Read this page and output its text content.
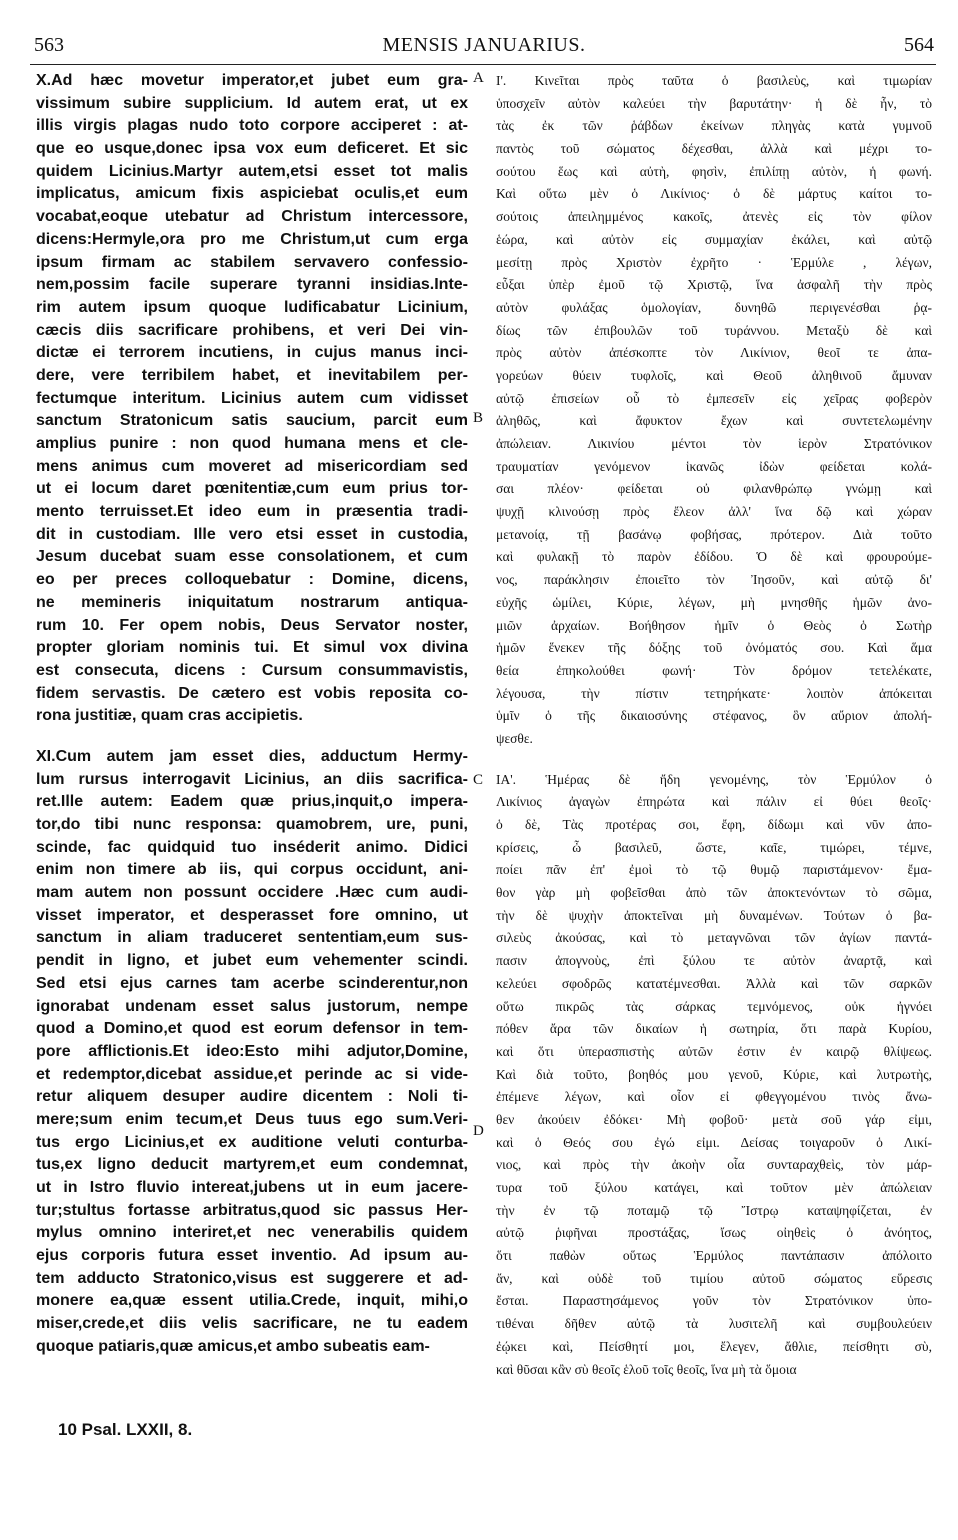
563	MENSIS JANUARIUS.	564
X.Ad hæc movetur imperator,et jubet eum gra-
vissimum subire supplicium. Id autem erat, ut ex
illis virgis plagas nudo toto corpore acciperet : at-
que eo usque,donec ipsa vox eum deficeret. Et sic
quidem Licinius.Martyr autem,etsi esset tot malis
implicatus, amicum fixis aspiciebat oculis,et eum
vocabat,eoque utebatur ad Christum intercessore,
dicens:Hermyle,ora pro me Christum,ut cum erga
ipsum firmam ac stabilem servavero confessio-
nem,possim facile superare tyranni insidias.Inte-
rim autem ipsum quoque ludificabatur Licinium,
cæcis diis sacrificare prohibens, et veri Dei vin-
dictæ ei terrorem incutiens, in cujus manus inci-
dere, vere terribilem habet, et inevitabilem per-
fectumque interitum. Licinius autem cum vidisset
sanctum Stratonicum satis saucium, parcit eum
amplius punire : non quod humana mens et cle-
mens animus cum moveret ad misericordiam sed
ut ei locum daret pœnitentiæ,cum eum prius tor-
mento terruisset.Et ideo eum in præsentia tradi-
dit in custodiam. Ille vero etsi esset in custodia,
Jesum ducebat suam esse consolationem, et cum
eo per preces colloquebatur : Domine, dicens,
ne memineris iniquitatum nostrarum antiqua-
rum 10. Fer opem nobis, Deus Servator noster,
propter gloriam nominis tui. Et simul vox divina
est consecuta, dicens : Cursum consummavistis,
fidem servastis. De cætero est vobis reposita co-
rona justitiæ, quam cras accipietis.
XI.Cum autem jam esset dies, adductum Hermy-
lum rursus interrogavit Licinius, an diis sacrifica-
ret.Ille autem: Eadem quæ prius,inquit,o impera-
tor,do tibi nunc responsa: quamobrem, ure, puni,
scinde, fac quidquid tuo inséderit animo. Didici
enim non timere ab iis, qui corpus occidunt, ani-
mam autem non possunt occidere .Hæc cum audi-
visset imperator, et desperasset fore omnino, ut
sanctum in aliam traduceret sententiam,eum sus-
pendit in ligno, et jubet eum vehementer scindi.
Sed etsi ejus carnes tam acerbe scinderentur,non
ignorabat undenam esset salus justorum, nempe
quod a Domino,et quod est eorum defensor in tem-
pore afflictionis.Et ideo:Esto mihi adjutor,Domine,
et redemptor,dicebat assidue,et perinde ac si vide-
retur aliquem desuper audire dicentem : Noli ti-
mere;sum enim tecum,et Deus tuus ego sum.Veri-
tus ergo Licinius,et ex auditione veluti conturba-
tus,ex ligno deducit martyrem,et eum condemnat,
ut in Istro fluvio intereat,jubens ut in eum jacere-
tur;stultus fortasse arbitratus,quod sic passus Her-
mylus omnino interiret,et nec venerabilis quidem
ejus corporis futura esset inventio. Ad ipsum au-
tem adducto Stratonico,visus est suggerere et ad-
monere ea,quæ essent utilia.Crede, inquit, mihi,o
miser,crede,et diis velis sacrificare, ne tu eadem
quoque patiaris,quæ amicus,et ambo subeatis eam-
Ι'. Κινεῖται πρὸς ταῦτα ὁ βασιλεὺς, καὶ τιμωρίαν
ὑποσχεῖν αὐτὸν καλεύει τὴν βαρυτάτην· ἡ δὲ ἦν, τὸ
τὰς ἐκ τῶν ῥάβδων ἐκείνων πληγὰς κατὰ γυμνοῦ
παντὸς τοῦ σώματος δέχεσθαι, ἀλλὰ καὶ μέχρι το-
σούτου ἕως καὶ αὐτὴ, φησὶν, ἐπιλίπῃ αὐτὸν, ἡ φωνή.
Καὶ οὕτω μὲν ὁ Λικίνιος· ὁ δὲ μάρτυς καίτοι το-
σούτοις ἀπειλημμένος κακοῖς, ἀτενὲς εἰς τὸν φίλον
ἑώρα, καὶ αὐτὸν εἰς συμμαχίαν ἐκάλει, καὶ αὐτῷ
μεσίτῃ πρὸς Χριστὸν ἐχρῆτο · Ἑρμύλε , λέγων,
εὖξαι ὑπὲρ ἐμοῦ τῷ Χριστῷ, ἵνα ἀσφαλῆ τὴν πρὸς
αὐτὸν φυλάξας ὁμολογίαν, δυνηθῶ περιγενέσθαι ῥᾳ-
δίως τῶν ἐπιβουλῶν τοῦ τυράννου. Μεταξὺ δὲ καὶ
πρὸς αὐτὸν ἀπέσκοπτε τὸν Λικίνιον, θεοῖ τε ἀπα-
γορεύων θύειν τυφλοῖς, καὶ Θεοῦ ἀληθινοῦ ἄμυναν
αὐτῷ ἐπισείων οὗ τὸ ἐμπεσεῖν εἰς χεῖρας φοβερὸν
ἀληθῶς, καὶ ἄφυκτον ἔχων καὶ συντετελωμένην
ἀπώλειαν. Λικινίου μέντοι τὸν ἱερὸν Στρατόνικον
τραυματίαν γενόμενον ἱκανῶς ἰδὼν φείδεται κολά-
σαι πλέον· φείδεται οὐ φιλανθρώπῳ γνώμῃ καὶ
ψυχῇ κλινούσῃ πρὸς ἔλεον ἀλλ' ἵνα δῷ καὶ χώραν
μετανοίᾳ, τῇ βασάνῳ φοβήσας, πρότερον. Διὰ τοῦτο
καὶ φυλακῇ τὸ παρὸν ἐδίδου. Ὁ δὲ καὶ φρουρούμε-
νος, παράκλησιν ἐποιεῖτο τὸν Ἰησοῦν, καὶ αὐτῷ δι'
εὐχῆς ὡμίλει, Κύριε, λέγων, μὴ μνησθῆς ἡμῶν ἀνο-
μιῶν ἀρχαίων. Βοήθησον ἡμῖν ὁ Θεὸς ὁ Σωτὴρ
ἡμῶν ἕνεκεν τῆς δόξης τοῦ ὀνόματός σου. Καὶ ἅμα
θεία ἐπηκολούθει φωνή· Τὸν δρόμον τετελέκατε,
λέγουσα, τὴν πίστιν τετηρήκατε· λοιπὸν ἀπόκειται
ὑμῖν ὁ τῆς δικαιοσύνης στέφανος, ὃν αὔριον ἀπολή-
ψεσθε.
ΙΑ'. Ἡμέρας δὲ ἤδη γενομένης, τὸν Ἑρμύλον ὁ
Λικίνιος ἀγαγὼν ἐπηρώτα καὶ πάλιν εἰ θύει θεοῖς·
ὁ δὲ, Τὰς προτέρας σοι, ἔφη, δίδωμι καὶ νῦν ἀπο-
κρίσεις, ὦ βασιλεῦ, ὥστε, καῖε, τιμώρει, τέμνε,
ποίει πᾶν ἐπ' ἐμοὶ τὸ τῷ θυμῷ παριστάμενον· ἔμα-
θον γὰρ μὴ φοβεῖσθαι ἀπὸ τῶν ἀποκτενόντων τὸ σῶμα,
τὴν δὲ ψυχὴν ἀποκτεῖναι μὴ δυναμένων. Τούτων ὁ βα-
σιλεὺς ἀκούσας, καὶ τὸ μεταγνῶναι τῶν ἁγίων παντά-
πασιν ἀπογνοὺς, ἐπὶ ξύλου τε αὐτὸν ἀναρτᾷ, καὶ
κελεύει σφοδρῶς κατατέμνεσθαι. Ἀλλὰ καὶ τῶν σαρκῶν
οὕτω πικρῶς τὰς σάρκας τεμνόμενος, οὐκ ἠγνόει
πόθεν ἄρα τῶν δικαίων ἡ σωτηρία, ὅτι παρὰ Κυρίου,
καὶ ὅτι ὑπερασπιστὴς αὐτῶν ἐστιν ἐν καιρῷ θλίψεως.
Καὶ διὰ τοῦτο, βοηθός μου γενοῦ, Κύριε, καὶ λυτρωτὴς,
ἐπέμενε λέγων, καὶ οἷον εἰ φθεγγομένου τινὸς ἄνω-
θεν ἀκούειν ἐδόκει· Μὴ φοβοῦ· μετὰ σοῦ γάρ εἰμι,
καὶ ὁ Θεός σου ἐγώ εἰμι. Δείσας τοιγαροῦν ὁ Λικί-
νιος, καὶ πρὸς τὴν ἀκοὴν οἷα συνταραχθεὶς, τὸν μάρ-
τυρα τοῦ ξύλου κατάγει, καὶ τοῦτον μὲν ἀπώλειαν
τὴν ἐν τῷ ποταμῷ τῷ Ἴστρῳ καταψηφίζεται, ἐν
αὐτῷ ῥιφῆναι προστάξας, ἴσως οἰηθεὶς ὁ ἀνόητος,
ὅτι παθὼν οὕτως Ἑρμύλος παντάπασιν ἀπόλοιτο
ἄν, καὶ οὐδὲ τοῦ τιμίου αὐτοῦ σώματος εὕρεσις
ἔσται. Παραστησάμενος γοῦν τὸν Στρατόνικον ὑπο-
τιθέναι δῆθεν αὐτῷ τὰ λυσιτελῆ καὶ συμβουλεύειν
ἐῴκει καὶ, Πείσθητί μοι, ἔλεγεν, ἄθλιε, πείσθητι σὺ,
καὶ θῦσαι κἂν σὺ θεοῖς ἑλοῦ τοῖς θεοῖς, ἵνα μὴ τὰ ὅμοια
A
B
C
D
10 Psal. LXXII, 8.
